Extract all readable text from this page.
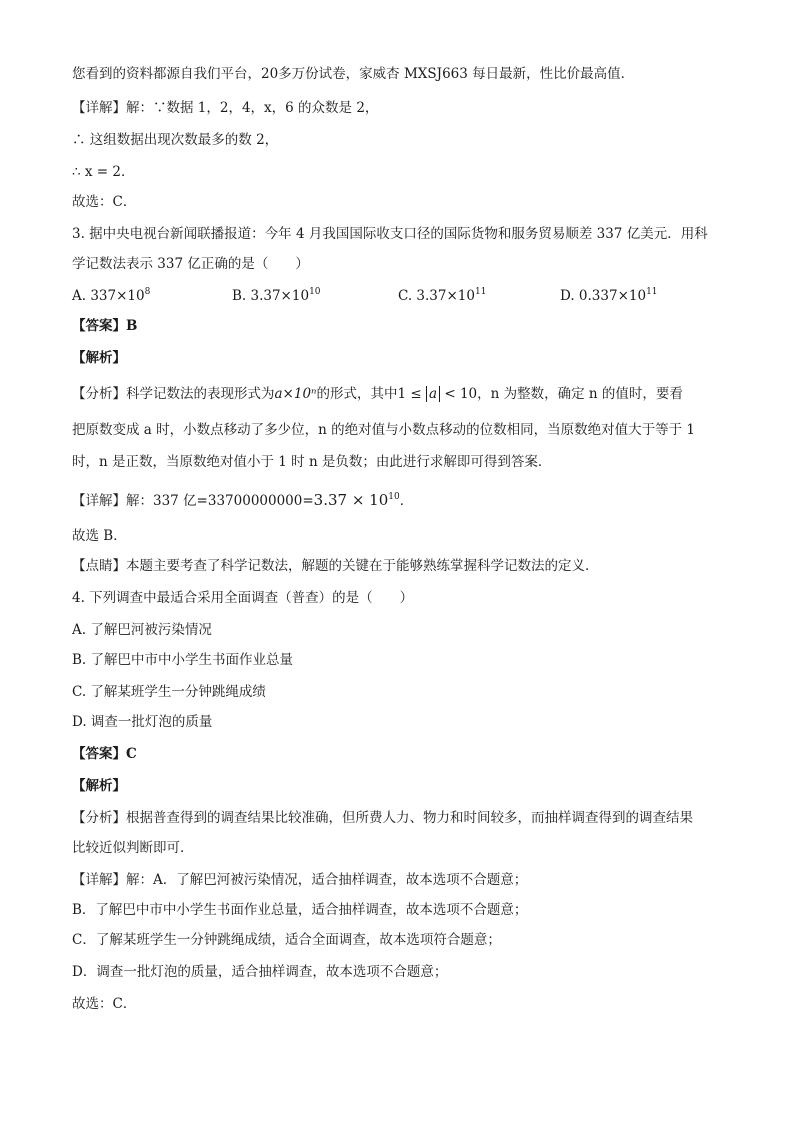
您看到的资料都源自我们平台，20多万份试卷，家威杏 MXSJ663 每日最新，性比价最高值．
【详解】解：∵数据 1，2，4，x，6 的众数是 2，
∴ 这组数据出现次数最多的数 2，
∴ x = 2．
故选：C．
3. 据中央电视台新闻联播报道：今年 4 月我国国际收支口径的国际货物和服务贸易顺差 337 亿美元．用科
学记数法表示 337 亿正确的是（　　）
A. $337\times 10^8$	B. $3.37\times 10^{10}$	C. $3.37\times 10^{11}$	D. $0.337\times 10^{11}$
【答案】B
【解析】
【分析】科学记数法的表现形式为a×10ⁿ的形式，其中1 ≤ a < 10，n 为整数，确定 n 的值时，要看
把原数变成 a 时，小数点移动了多少位，n 的绝对值与小数点移动的位数相同，当原数绝对值大于等于 1
时，n 是正数，当原数绝对值小于 1 时 n 是负数；由此进行求解即可得到答案．
【详解】解：337 亿$=33700000000=3.37 \times 10^{10}$．
故选 B．
【点睛】本题主要考查了科学记数法，解题的关键在于能够熟练掌握科学记数法的定义．
4. 下列调查中最适合采用全面调查（普查）的是（　　）
A. 了解巴河被污染情况
B. 了解巴中市中小学生书面作业总量
C. 了解某班学生一分钟跳绳成绩
D. 调查一批灯泡的质量
【答案】C
【解析】
【分析】根据普查得到的调查结果比较准确，但所费人力、物力和时间较多，而抽样调查得到的调查结果
比较近似判断即可．
【详解】解：A．了解巴河被污染情况，适合抽样调查，故本选项不合题意；
B．了解巴中市中小学生书面作业总量，适合抽样调查，故本选项不合题意；
C．了解某班学生一分钟跳绳成绩，适合全面调查，故本选项符合题意；
D．调查一批灯泡的质量，适合抽样调查，故本选项不合题意；
故选：C．
